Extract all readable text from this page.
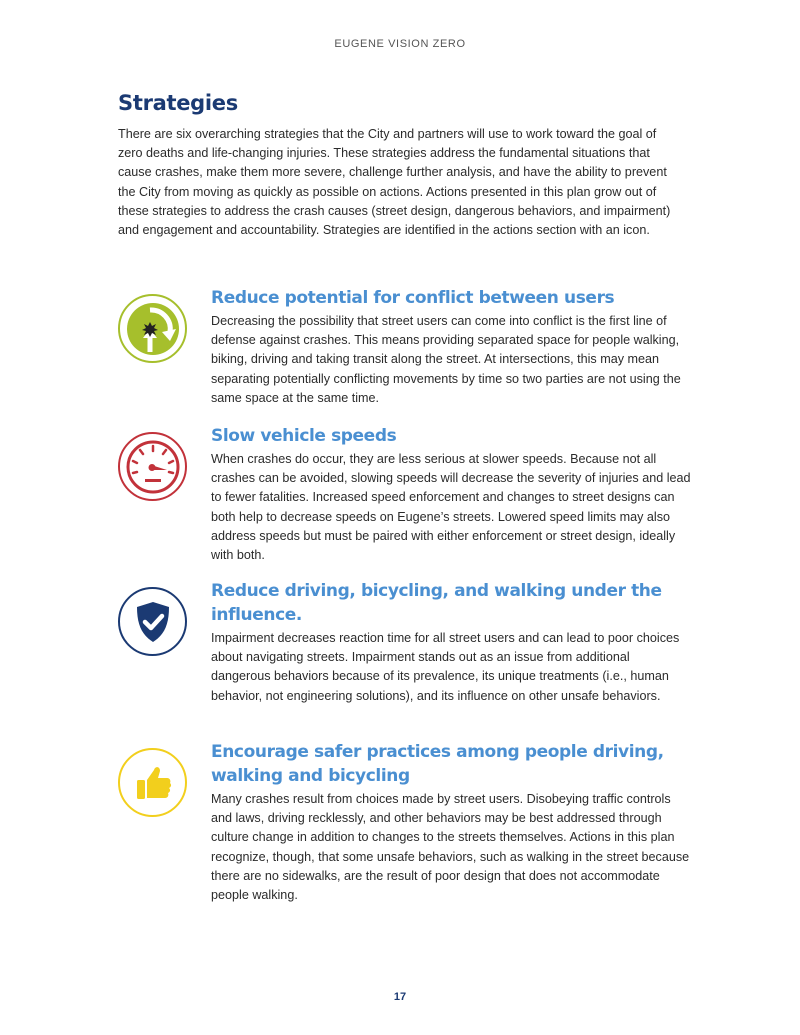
EUGENE VISION ZERO
Strategies

There are six overarching strategies that the City and partners will use to work toward the goal of zero deaths and life-changing injuries. These strategies address the fundamental situations that cause crashes, make them more severe, challenge further analysis, and have the ability to prevent the City from moving as quickly as possible on actions. Actions presented in this plan grow out of these strategies to address the crash causes (street design, dangerous behaviors, and impairment) and engagement and accountability. Strategies are identified in the actions section with an icon.

Reduce potential for conflict between users

Decreasing the possibility that street users can come into conflict is the first line of defense against crashes. This means providing separated space for people walking, biking, driving and taking transit along the street. At intersections, this may mean separating potentially conflicting movements by time so two parties are not using the same space at the same time.

Slow vehicle speeds

When crashes do occur, they are less serious at slower speeds. Because not all crashes can be avoided, slowing speeds will decrease the severity of injuries and lead to fewer fatalities. Increased speed enforcement and changes to street designs can both help to decrease speeds on Eugene’s streets. Lowered speed limits may also address speeds but must be paired with either enforcement or street design, ideally with both.

Reduce driving, bicycling, and walking under the influence.

Impairment decreases reaction time for all street users and can lead to poor choices about navigating streets. Impairment stands out as an issue from additional dangerous behaviors because of its prevalence, its unique treatments (i.e., human behavior, not engineering solutions), and its influence on other unsafe behaviors.

Encourage safer practices among people driving, walking and bicycling

Many crashes result from choices made by street users. Disobeying traffic controls and laws, driving recklessly, and other behaviors may be best addressed through culture change in addition to changes to the streets themselves. Actions in this plan recognize, though, that some unsafe behaviors, such as walking in the street because there are no sidewalks, are the result of poor design that does not accommodate people walking.

17
